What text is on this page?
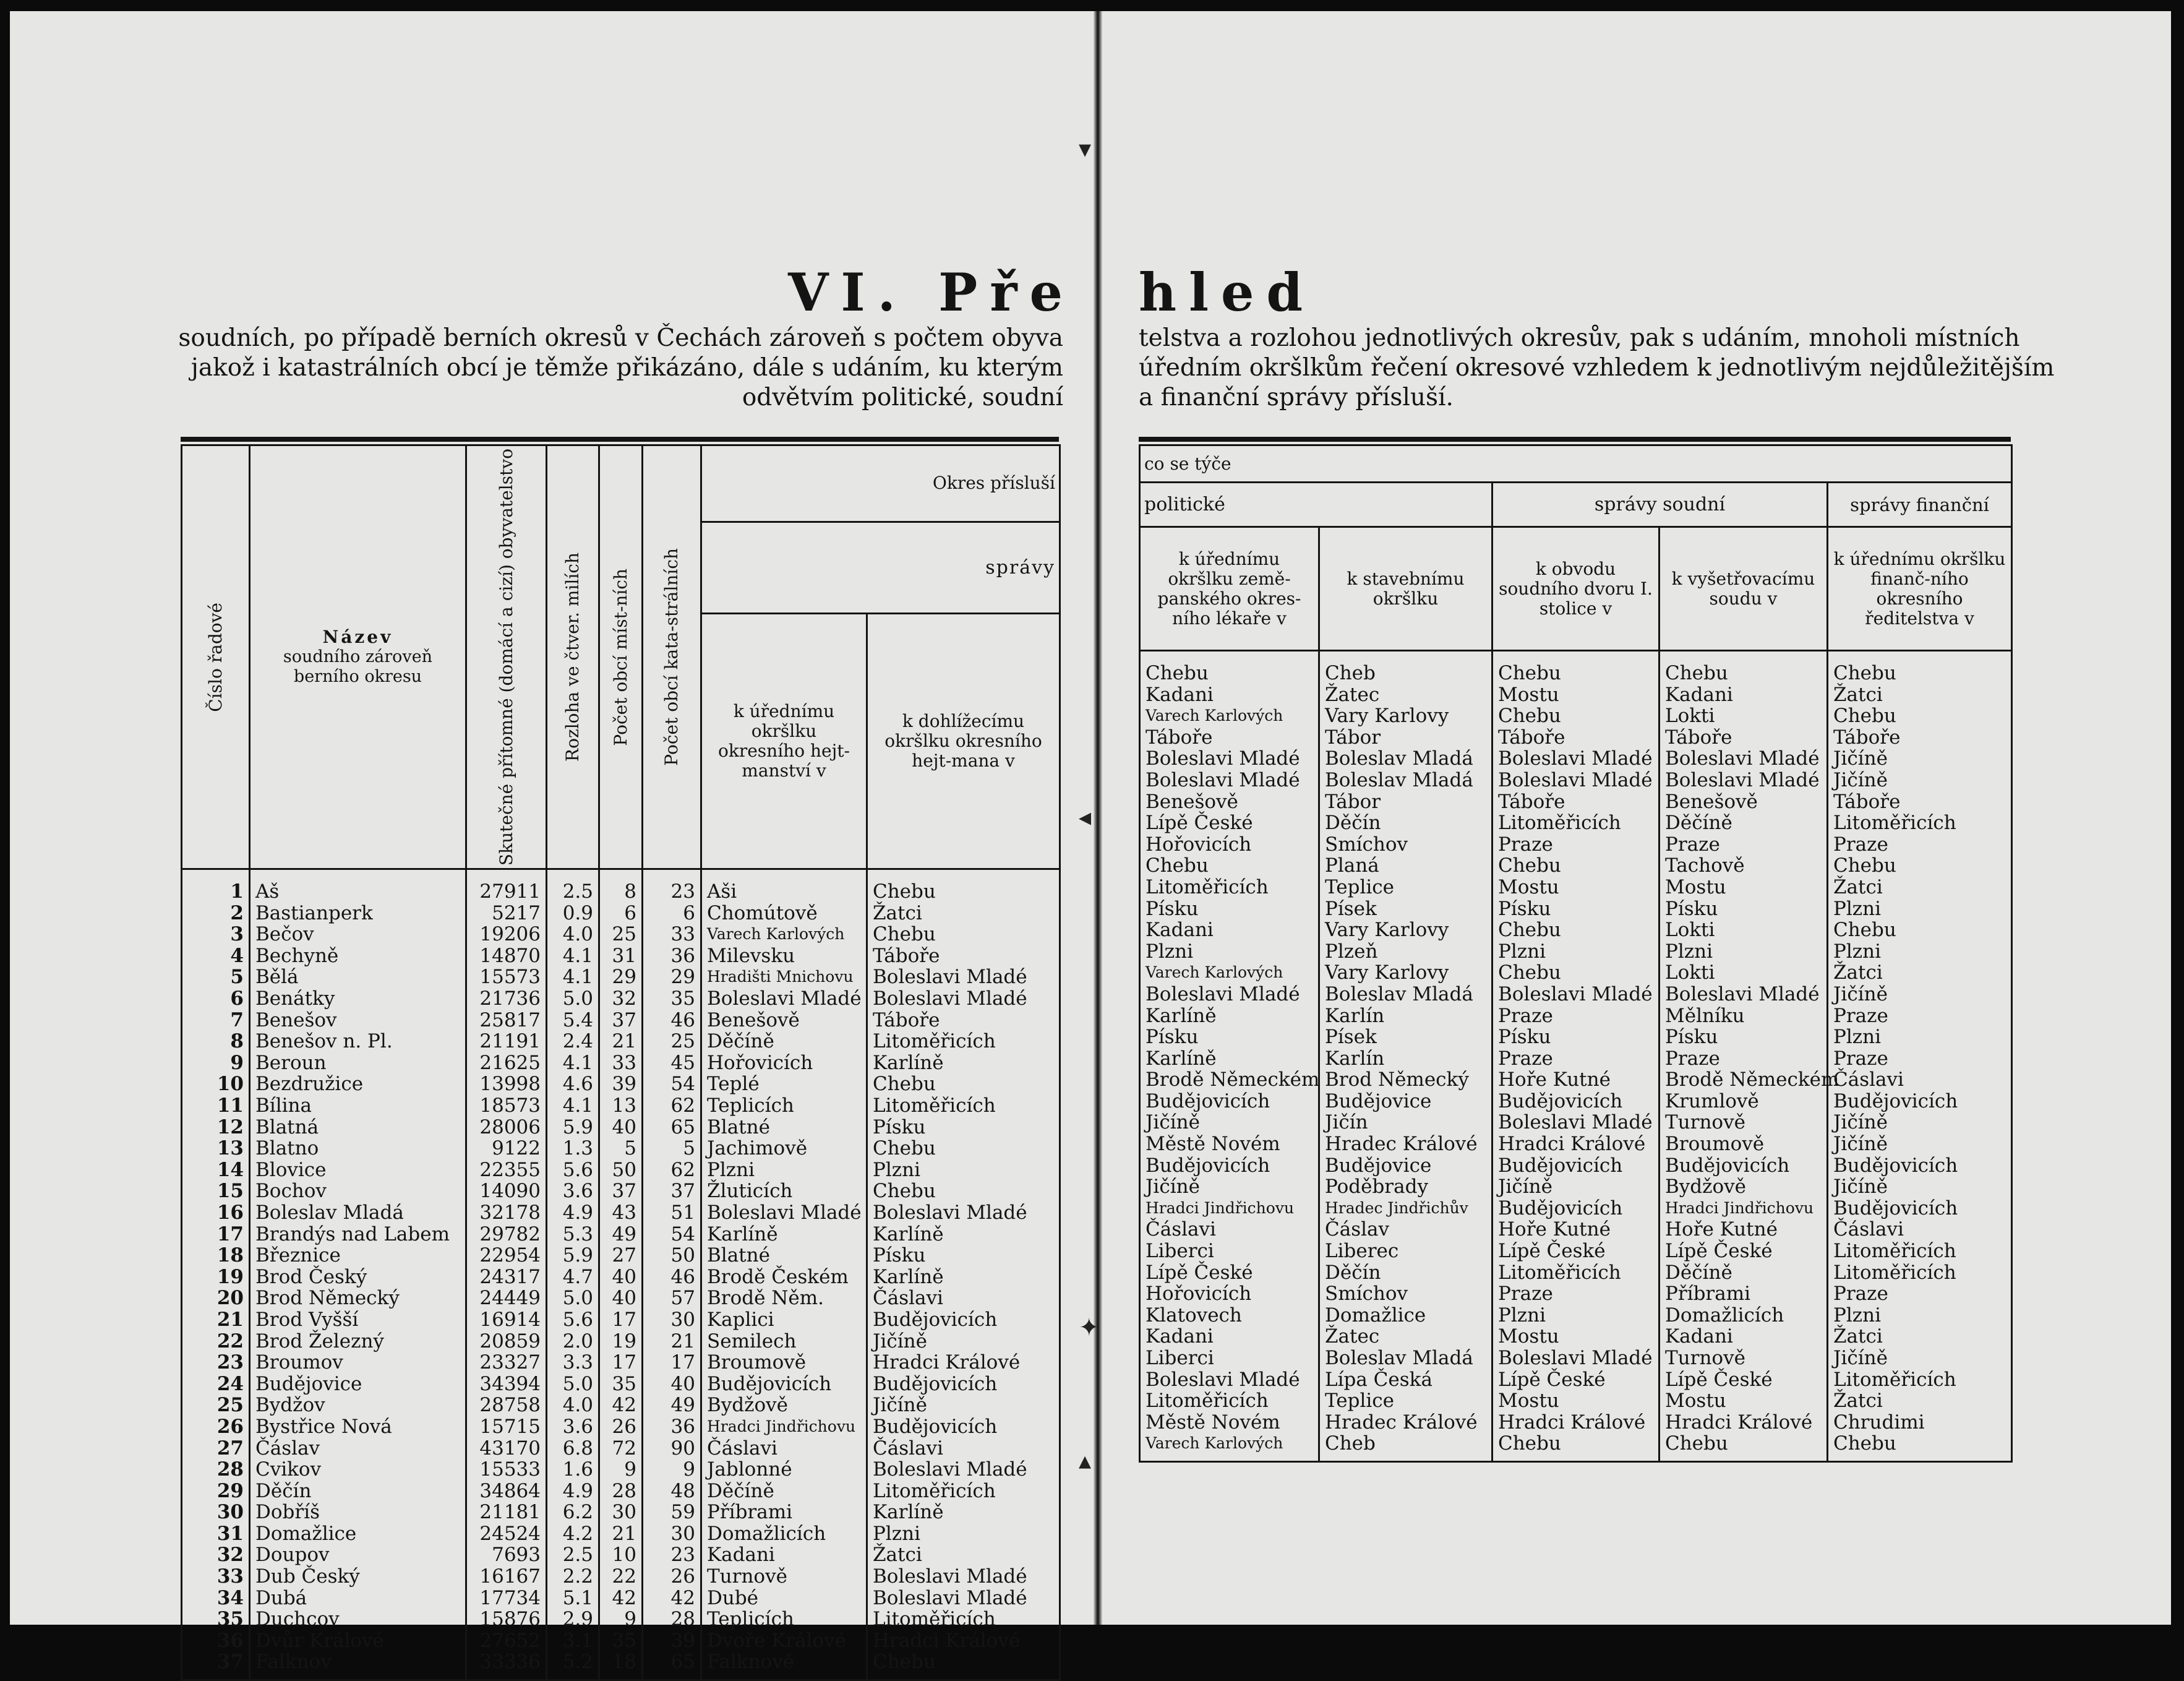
VI. Pře
soudních, po případě berních okresů v Čechách zároveň s počtem obyva
jakož i katastrálních obcí je těmže přikázáno, dále s udáním, ku kterým
odvětvím politické, soudní
Číslo řadové	Název
soudního zároveň berního okresu	Skutečné přítomné (domácí a cizí) obyvatelstvo	Rozloha ve čtver. milích	Počet obcí míst-ních	Počet obcí kata-strálních	Okres přísluší	
						správy	
						k úřednímu okršlku okresního hejt-manství v	k dohlížecímu okršlku okresního hejt-mana v
1	Aš	27911	2.5	8	23	Aši	Chebu
2	Bastianperk	5217	0.9	6	6	Chomútově	Žatci
3	Bečov	19206	4.0	25	33	Varech Karlových	Chebu
4	Bechyně	14870	4.1	31	36	Milevsku	Táboře
5	Bělá	15573	4.1	29	29	Hradišti Mnichovu	Boleslavi Mladé
6	Benátky	21736	5.0	32	35	Boleslavi Mladé	Boleslavi Mladé
7	Benešov	25817	5.4	37	46	Benešově	Táboře
8	Benešov n. Pl.	21191	2.4	21	25	Děčíně	Litoměřicích
9	Beroun	21625	4.1	33	45	Hořovicích	Karlíně
10	Bezdružice	13998	4.6	39	54	Teplé	Chebu
11	Bílina	18573	4.1	13	62	Teplicích	Litoměřicích
12	Blatná	28006	5.9	40	65	Blatné	Písku
13	Blatno	9122	1.3	5	5	Jachimově	Chebu
14	Blovice	22355	5.6	50	62	Plzni	Plzni
15	Bochov	14090	3.6	37	37	Žluticích	Chebu
16	Boleslav Mladá	32178	4.9	43	51	Boleslavi Mladé	Boleslavi Mladé
17	Brandýs nad Labem	29782	5.3	49	54	Karlíně	Karlíně
18	Březnice	22954	5.9	27	50	Blatné	Písku
19	Brod Český	24317	4.7	40	46	Brodě Českém	Karlíně
20	Brod Německý	24449	5.0	40	57	Brodě Něm.	Čáslavi
21	Brod Vyšší	16914	5.6	17	30	Kaplici	Budějovicích
22	Brod Železný	20859	2.0	19	21	Semilech	Jičíně
23	Broumov	23327	3.3	17	17	Broumově	Hradci Králové
24	Budějovice	34394	5.0	35	40	Budějovicích	Budějovicích
25	Bydžov	28758	4.0	42	49	Bydžově	Jičíně
26	Bystřice Nová	15715	3.6	26	36	Hradci Jindřichovu	Budějovicích
27	Čáslav	43170	6.8	72	90	Čáslavi	Čáslavi
28	Cvikov	15533	1.6	9	9	Jablonné	Boleslavi Mladé
29	Děčín	34864	4.9	28	48	Děčíně	Litoměřicích
30	Dobříš	21181	6.2	30	59	Příbrami	Karlíně
31	Domažlice	24524	4.2	21	30	Domažlicích	Plzni
32	Doupov	7693	2.5	10	23	Kadani	Žatci
33	Dub Český	16167	2.2	22	26	Turnově	Boleslavi Mladé
34	Dubá	17734	5.1	42	42	Dubé	Boleslavi Mladé
35	Duchcov	15876	2.9	9	28	Teplicích	Litoměřicích
36	Dvůr Králové	27652	3.1	35	39	Dvoře Králové	Hradci Králové
37	Falknov	33336	5.2	18	65	Falknově	Chebu
▾
◂
✦
▴
hled
telstva a rozlohou jednotlivých okresův, pak s udáním, mnoholi místních
úředním okršlkům řečení okresové vzhledem k jednotlivým nejdůležitějším
a finanční správy přísluší.
co se týče				
politické		správy soudní		správy finanční
k úřednímu okršlku země-panského okres-ního lékaře v	k stavebnímu okršlku	k obvodu soudního dvoru I. stolice v	k vyšetřovacímu soudu v	k úřednímu okršlku finanč-ního okresního ředitelstva v
Chebu	Cheb	Chebu	Chebu	Chebu
Kadani	Žatec	Mostu	Kadani	Žatci
Varech Karlových	Vary Karlovy	Chebu	Lokti	Chebu
Táboře	Tábor	Táboře	Táboře	Táboře
Boleslavi Mladé	Boleslav Mladá	Boleslavi Mladé	Boleslavi Mladé	Jičíně
Boleslavi Mladé	Boleslav Mladá	Boleslavi Mladé	Boleslavi Mladé	Jičíně
Benešově	Tábor	Táboře	Benešově	Táboře
Lípě České	Děčín	Litoměřicích	Děčíně	Litoměřicích
Hořovicích	Smíchov	Praze	Praze	Praze
Chebu	Planá	Chebu	Tachově	Chebu
Litoměřicích	Teplice	Mostu	Mostu	Žatci
Písku	Písek	Písku	Písku	Plzni
Kadani	Vary Karlovy	Chebu	Lokti	Chebu
Plzni	Plzeň	Plzni	Plzni	Plzni
Varech Karlových	Vary Karlovy	Chebu	Lokti	Žatci
Boleslavi Mladé	Boleslav Mladá	Boleslavi Mladé	Boleslavi Mladé	Jičíně
Karlíně	Karlín	Praze	Mělníku	Praze
Písku	Písek	Písku	Písku	Plzni
Karlíně	Karlín	Praze	Praze	Praze
Brodě Německém	Brod Německý	Hoře Kutné	Brodě Německém	Čáslavi
Budějovicích	Budějovice	Budějovicích	Krumlově	Budějovicích
Jičíně	Jičín	Boleslavi Mladé	Turnově	Jičíně
Městě Novém	Hradec Králové	Hradci Králové	Broumově	Jičíně
Budějovicích	Budějovice	Budějovicích	Budějovicích	Budějovicích
Jičíně	Poděbrady	Jičíně	Bydžově	Jičíně
Hradci Jindřichovu	Hradec Jindřichův	Budějovicích	Hradci Jindřichovu	Budějovicích
Čáslavi	Čáslav	Hoře Kutné	Hoře Kutné	Čáslavi
Liberci	Liberec	Lípě České	Lípě České	Litoměřicích
Lípě České	Děčín	Litoměřicích	Děčíně	Litoměřicích
Hořovicích	Smíchov	Praze	Příbrami	Praze
Klatovech	Domažlice	Plzni	Domažlicích	Plzni
Kadani	Žatec	Mostu	Kadani	Žatci
Liberci	Boleslav Mladá	Boleslavi Mladé	Turnově	Jičíně
Boleslavi Mladé	Lípa Česká	Lípě České	Lípě České	Litoměřicích
Litoměřicích	Teplice	Mostu	Mostu	Žatci
Městě Novém	Hradec Králové	Hradci Králové	Hradci Králové	Chrudimi
Varech Karlových	Cheb	Chebu	Chebu	Chebu
